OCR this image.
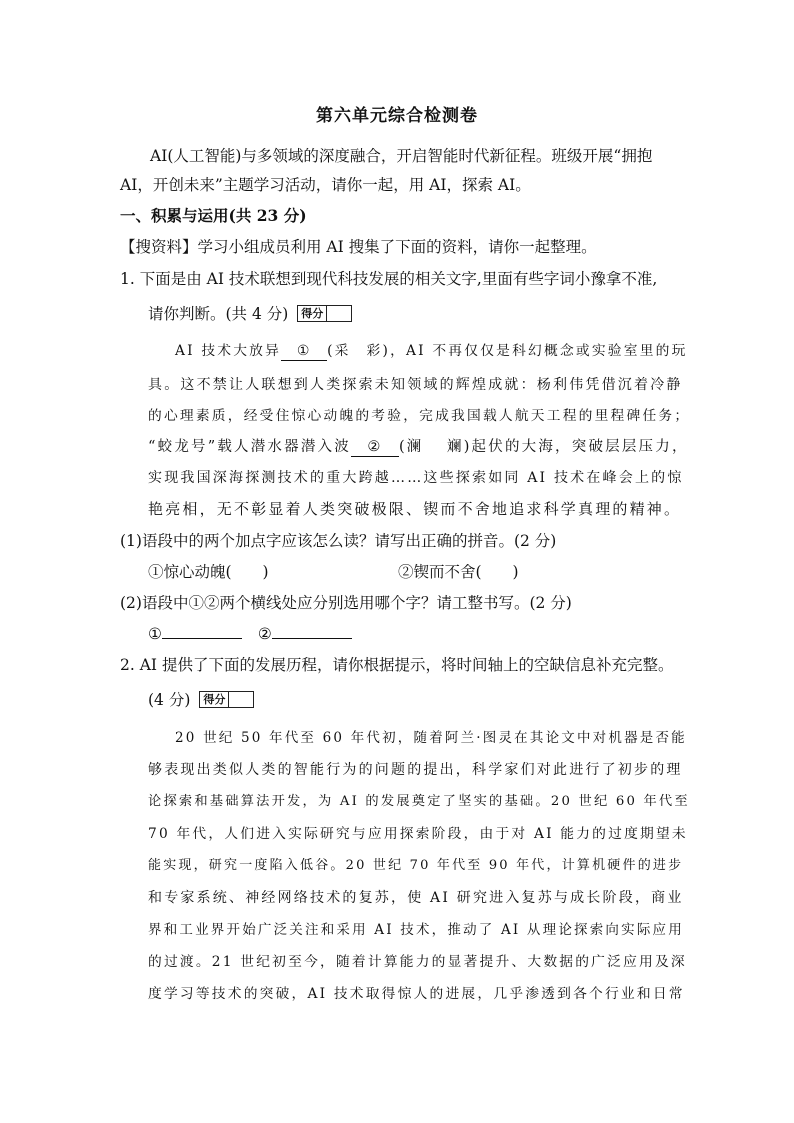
第六单元综合检测卷
AI(人工智能)与多领域的深度融合，开启智能时代新征程。班级开展“拥抱
AI，开创未来”主题学习活动，请你一起，用 AI，探索 AI。
一、积累与运用(共 23 分)
【搜资料】学习小组成员利用 AI 搜集了下面的资料，请你一起整理。
1. 下面是由 AI 技术联想到现代科技发展的相关文字,里面有些字词小豫拿不准,
请你判断。(共 4 分) 得分
AI 技术大放异 ① (采　彩)，AI 不再仅仅是科幻概念或实验室里的玩
具。这不禁让人联想到人类探索未知领域的辉煌成就：杨利伟凭借沉着冷静
的心理素质，经受住惊心动魄的考验，完成我国载人航天工程的里程碑任务；
“蛟龙号”载人潜水器潜入波 ② (澜　 斓)起伏的大海，突破层层压力，
实现我国深海探测技术的重大跨越……这些探索如同 AI 技术在峰会上的惊
艳亮相，无不彰显着人类突破极限、锲而不舍地追求科学真理的精神。
(1)语段中的两个加点字应该怎么读？请写出正确的拼音。(2 分)
①惊心动魄(　　)	②锲而不舍(　　)
(2)语段中①②两个横线处应分别选用哪个字？请工整书写。(2 分)
①	②
2. AI 提供了下面的发展历程，请你根据提示，将时间轴上的空缺信息补充完整。
(4 分) 得分
20 世纪 50 年代至 60 年代初，随着阿兰·图灵在其论文中对机器是否能
够表现出类似人类的智能行为的问题的提出，科学家们对此进行了初步的理
论探索和基础算法开发，为 AI 的发展奠定了坚实的基础。20 世纪 60 年代至
70 年代，人们进入实际研究与应用探索阶段，由于对 AI 能力的过度期望未
能实现，研究一度陷入低谷。20 世纪 70 年代至 90 年代，计算机硬件的进步
和专家系统、神经网络技术的复苏，使 AI 研究进入复苏与成长阶段，商业
界和工业界开始广泛关注和采用 AI 技术，推动了 AI 从理论探索向实际应用
的过渡。21 世纪初至今，随着计算能力的显著提升、大数据的广泛应用及深
度学习等技术的突破，AI 技术取得惊人的进展，几乎渗透到各个行业和日常
